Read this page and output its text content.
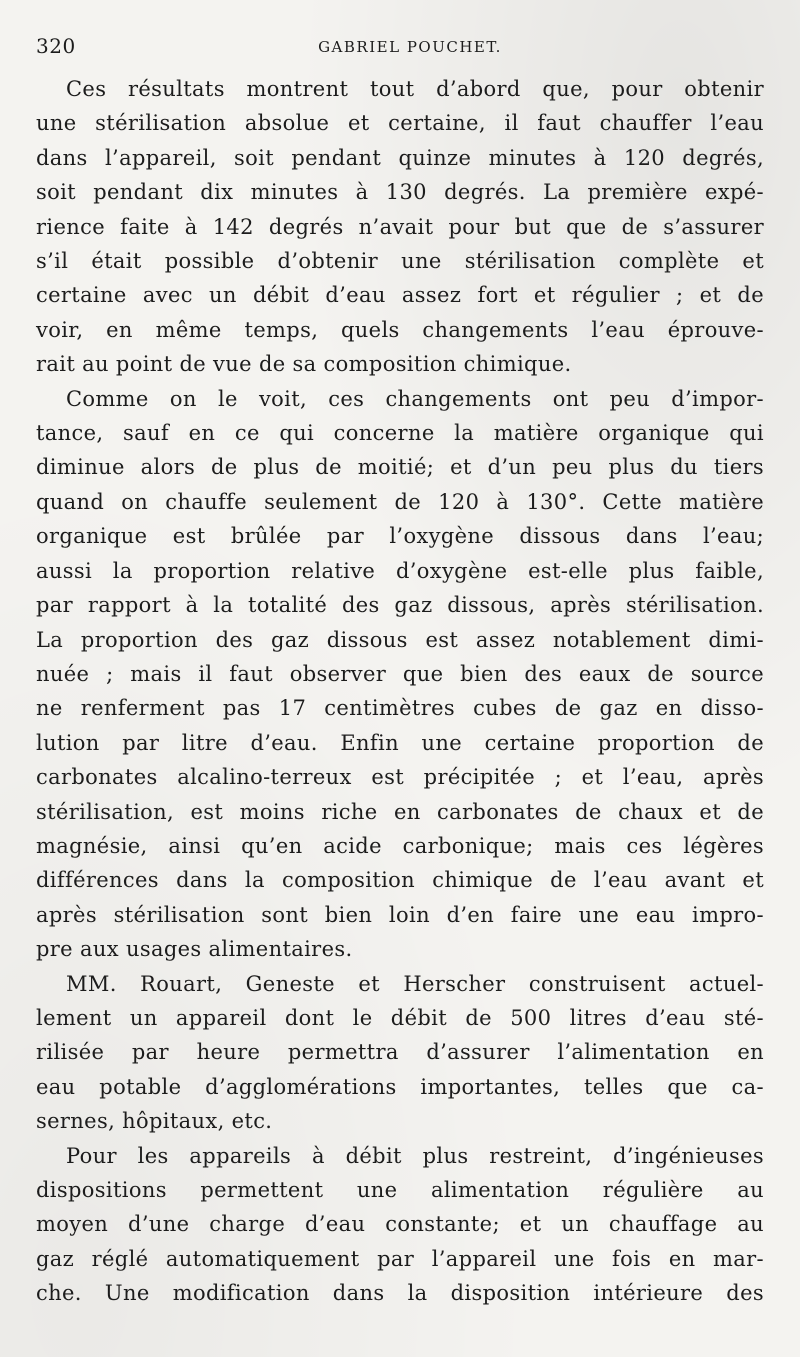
320	GABRIEL POUCHET.
Ces résultats montrent tout d’abord que, pour obtenir
une stérilisation absolue et certaine, il faut chauffer l’eau
dans l’appareil, soit pendant quinze minutes à 120 degrés,
soit pendant dix minutes à 130 degrés. La première expé-
rience faite à 142 degrés n’avait pour but que de s’assurer
s’il était possible d’obtenir une stérilisation complète et
certaine avec un débit d’eau assez fort et régulier ; et de
voir, en même temps, quels changements l’eau éprouve-
rait au point de vue de sa composition chimique.
Comme on le voit, ces changements ont peu d’impor-
tance, sauf en ce qui concerne la matière organique qui
diminue alors de plus de moitié; et d’un peu plus du tiers
quand on chauffe seulement de 120 à 130°. Cette matière
organique est brûlée par l’oxygène dissous dans l’eau;
aussi la proportion relative d’oxygène est-elle plus faible,
par rapport à la totalité des gaz dissous, après stérilisation.
La proportion des gaz dissous est assez notablement dimi-
nuée ; mais il faut observer que bien des eaux de source
ne renferment pas 17 centimètres cubes de gaz en disso-
lution par litre d’eau. Enfin une certaine proportion de
carbonates alcalino-terreux est précipitée ; et l’eau, après
stérilisation, est moins riche en carbonates de chaux et de
magnésie, ainsi qu’en acide carbonique; mais ces légères
différences dans la composition chimique de l’eau avant et
après stérilisation sont bien loin d’en faire une eau impro-
pre aux usages alimentaires.
MM. Rouart, Geneste et Herscher construisent actuel-
lement un appareil dont le débit de 500 litres d’eau sté-
rilisée par heure permettra d’assurer l’alimentation en
eau potable d’agglomérations importantes, telles que ca-
sernes, hôpitaux, etc.
Pour les appareils à débit plus restreint, d’ingénieuses
dispositions permettent une alimentation régulière au
moyen d’une charge d’eau constante; et un chauffage au
gaz réglé automatiquement par l’appareil une fois en mar-
che. Une modification dans la disposition intérieure des
